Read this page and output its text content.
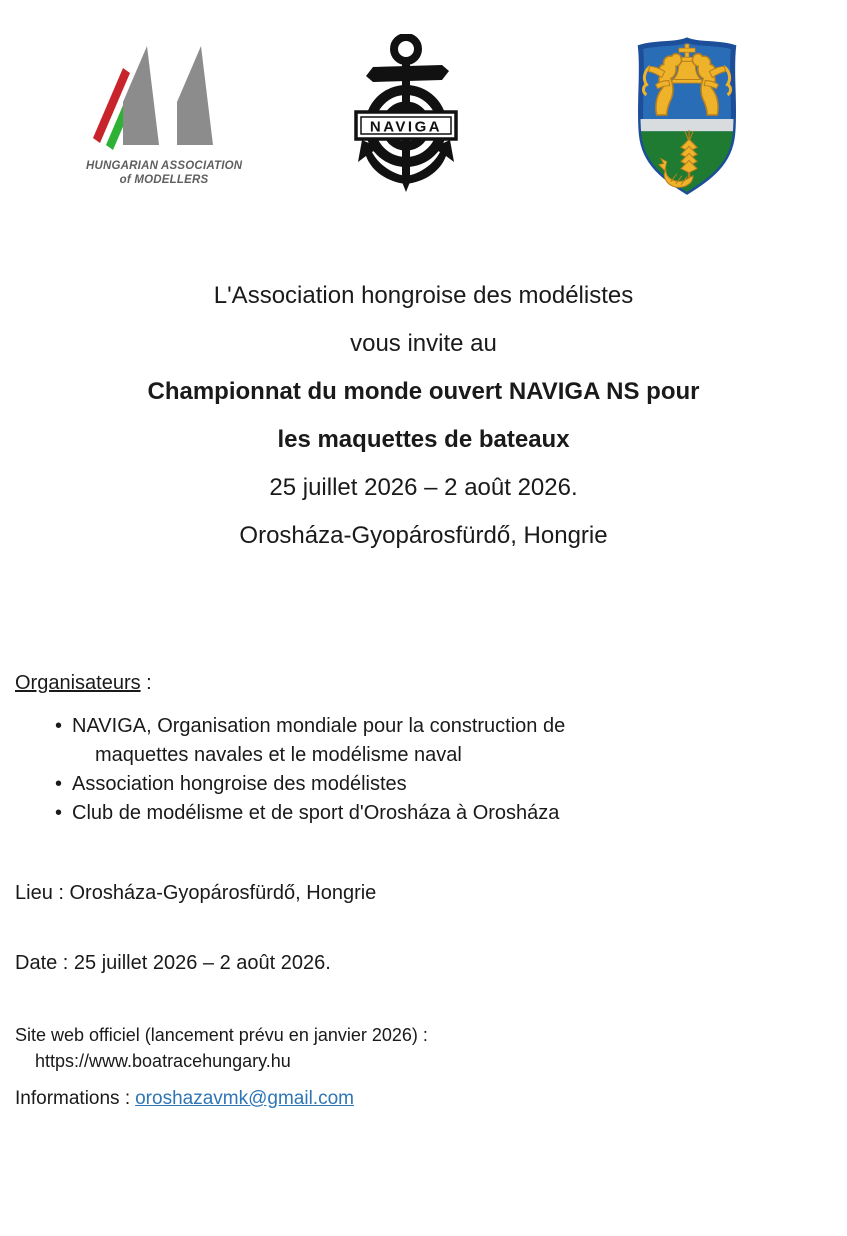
HUNGARIAN ASSOCIATION
of MODELLERS
NAVIGA

L'Association hongroise des modélistes

vous invite au

Championnat du monde ouvert NAVIGA NS pour

les maquettes de bateaux

25 juillet 2026 – 2 août 2026.

Orosháza-Gyopárosfürdő, Hongrie

Organisateurs :

• NAVIGA, Organisation mondiale pour la construction de
maquettes navales et le modélisme naval
• Association hongroise des modélistes
• Club de modélisme et de sport d'Orosháza à Orosháza

Lieu : Orosháza-Gyopárosfürdő, Hongrie

Date : 25 juillet 2026 – 2 août 2026.

Site web officiel (lancement prévu en janvier 2026) :
https://www.boatracehungary.hu

Informations : oroshazavmk@gmail.com
